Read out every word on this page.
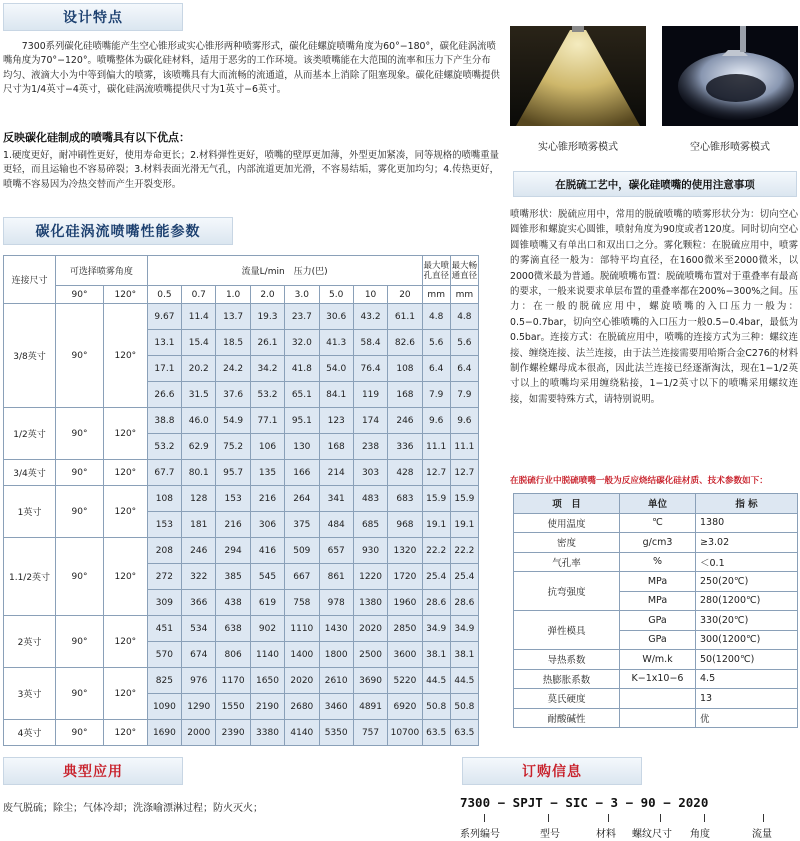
设计特点
7300系列碳化硅喷嘴能产生空心锥形或实心锥形两种喷雾形式，碳化硅螺旋喷嘴角度为60°−180°，碳化硅涡流喷嘴角度为70°−120°。喷嘴整体为碳化硅材料，适用于恶劣的工作环境。该类喷嘴能在大范围的流率和压力下产生分布均匀、液滴大小为中等到偏大的喷雾，该喷嘴具有大而流畅的流通道，从而基本上消除了阻塞现象。碳化硅螺旋喷嘴提供尺寸为1/4英寸−4英寸，碳化硅涡流喷嘴提供尺寸为1英寸−6英寸。
反映碳化硅制成的喷嘴具有以下优点：
1.硬度更好，耐冲刷性更好，使用寿命更长；2.材料弹性更好，喷嘴的壁厚更加薄，外型更加紧凑，同等规格的喷嘴重量更轻，而且运输也不容易碎裂；3.材料表面光滑无气孔，内部流道更加光滑，不容易结垢，雾化更加均匀；4.传热更好，喷嘴不容易因为冷热交替而产生开裂变形。
实心锥形喷雾模式	空心锥形喷雾模式
碳化硅涡流喷嘴性能参数
连接尺寸	可选择喷雾角度		流量L/min　压力(巴)								最大喷孔直径	最大畅通直径
	90°	120°	0.5	0.7	1.0	2.0	3.0	5.0	10	20	mm	mm
3/8英寸	90°	120°	9.67	11.4	13.7	19.3	23.7	30.6	43.2	61.1	4.8	4.8
			13.1	15.4	18.5	26.1	32.0	41.3	58.4	82.6	5.6	5.6
			17.1	20.2	24.2	34.2	41.8	54.0	76.4	108	6.4	6.4
			26.6	31.5	37.6	53.2	65.1	84.1	119	168	7.9	7.9
1/2英寸	90°	120°	38.8	46.0	54.9	77.1	95.1	123	174	246	9.6	9.6
			53.2	62.9	75.2	106	130	168	238	336	11.1	11.1
3/4英寸	90°	120°	67.7	80.1	95.7	135	166	214	303	428	12.7	12.7
1英寸	90°	120°	108	128	153	216	264	341	483	683	15.9	15.9
			153	181	216	306	375	484	685	968	19.1	19.1
1.1/2英寸	90°	120°	208	246	294	416	509	657	930	1320	22.2	22.2
			272	322	385	545	667	861	1220	1720	25.4	25.4
			309	366	438	619	758	978	1380	1960	28.6	28.6
2英寸	90°	120°	451	534	638	902	1110	1430	2020	2850	34.9	34.9
			570	674	806	1140	1400	1800	2500	3600	38.1	38.1
3英寸	90°	120°	825	976	1170	1650	2020	2610	3690	5220	44.5	44.5
			1090	1290	1550	2190	2680	3460	4891	6920	50.8	50.8
4英寸	90°	120°	1690	2000	2390	3380	4140	5350	757	10700	63.5	63.5
在脱硫工艺中，碳化硅喷嘴的使用注意事项
喷嘴形状：脱硫应用中，常用的脱硫喷嘴的喷雾形状分为：切向空心圆锥形和螺旋实心圆锥，喷射角度为90度或者120度。同时切向空心圆锥喷嘴又有单出口和双出口之分。雾化颗粒：在脱硫应用中，喷雾的雾滴直径一般为：部特平均直径，在1600微米至2000微米，以2000微米最为普通。脱硫喷嘴布置：脱硫喷嘴布置对于重叠率有最高的要求，一般来说要求单层布置的重叠率都在200%−300%之间。压力：在一般的脱硫应用中，螺旋喷嘴的入口压力一般为：0.5−0.7bar，切向空心锥喷嘴的入口压力一般0.5−0.4bar，最低为0.5bar。连接方式：在脱硫应用中，喷嘴的连接方式为三种：螺纹连接、缠绕连接、法兰连接，由于法兰连接需要用哈斯合金C276的材料制作螺栓螺母成本很高，因此法兰连接已经逐渐淘汰，现在1−1/2英寸以上的喷嘴均采用缠绕粘接，1−1/2英寸以下的喷嘴采用螺纹连接，如需要特殊方式，请特别说明。
在脱硫行业中脱硫喷嘴一般为反应烧结碳化硅材质、技术参数如下：
项　目	单位	指 标
使用温度	℃	1380
密度	g/cm3	≥3.02
气孔率	%	＜0.1
抗弯强度	MPa	250(20℃)
	MPa	280(1200℃)
弹性模具	GPa	330(20℃)
	GPa	300(1200℃)
导热系数	W/m.k	50(1200℃)
热膨胀系数	K−1x10−6	4.5
莫氏硬度		13
耐酸碱性		优
典型应用
废气脱硫；除尘；气体冷却；洗涤喻漂淋过程；防火灭火；
订购信息
7300 − SPJT − SIC − 3 − 90 − 2020
系列编号	型号	材料 螺纹尺寸 角度	流量
